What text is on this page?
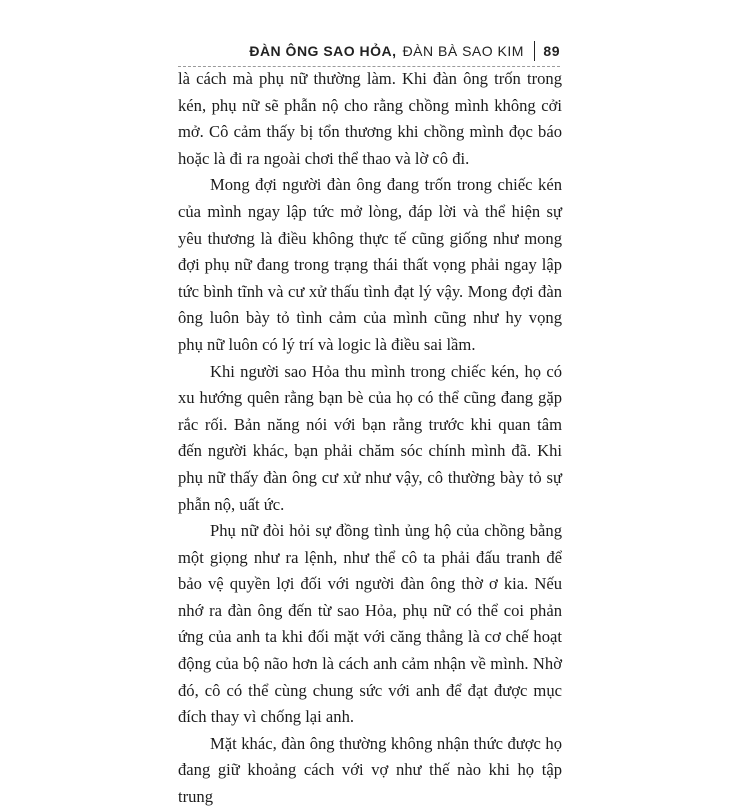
ĐÀN ÔNG SAO HỎA, ĐÀN BÀ SAO KIM 89

là cách mà phụ nữ thường làm. Khi đàn ông trốn trong kén, phụ nữ sẽ phẫn nộ cho rằng chồng mình không cởi mở. Cô cảm thấy bị tổn thương khi chồng mình đọc báo hoặc là đi ra ngoài chơi thể thao và lờ cô đi.

Mong đợi người đàn ông đang trốn trong chiếc kén của mình ngay lập tức mở lòng, đáp lời và thể hiện sự yêu thương là điều không thực tế cũng giống như mong đợi phụ nữ đang trong trạng thái thất vọng phải ngay lập tức bình tĩnh và cư xử thấu tình đạt lý vậy. Mong đợi đàn ông luôn bày tỏ tình cảm của mình cũng như hy vọng phụ nữ luôn có lý trí và logic là điều sai lầm.

Khi người sao Hỏa thu mình trong chiếc kén, họ có xu hướng quên rằng bạn bè của họ có thể cũng đang gặp rắc rối. Bản năng nói với bạn rằng trước khi quan tâm đến người khác, bạn phải chăm sóc chính mình đã. Khi phụ nữ thấy đàn ông cư xử như vậy, cô thường bày tỏ sự phẫn nộ, uất ức.

Phụ nữ đòi hỏi sự đồng tình ủng hộ của chồng bằng một giọng như ra lệnh, như thể cô ta phải đấu tranh để bảo vệ quyền lợi đối với người đàn ông thờ ơ kia. Nếu nhớ ra đàn ông đến từ sao Hỏa, phụ nữ có thể coi phản ứng của anh ta khi đối mặt với căng thẳng là cơ chế hoạt động của bộ não hơn là cách anh cảm nhận về mình. Nhờ đó, cô có thể cùng chung sức với anh để đạt được mục đích thay vì chống lại anh.

Mặt khác, đàn ông thường không nhận thức được họ đang giữ khoảng cách với vợ như thế nào khi họ tập trung
